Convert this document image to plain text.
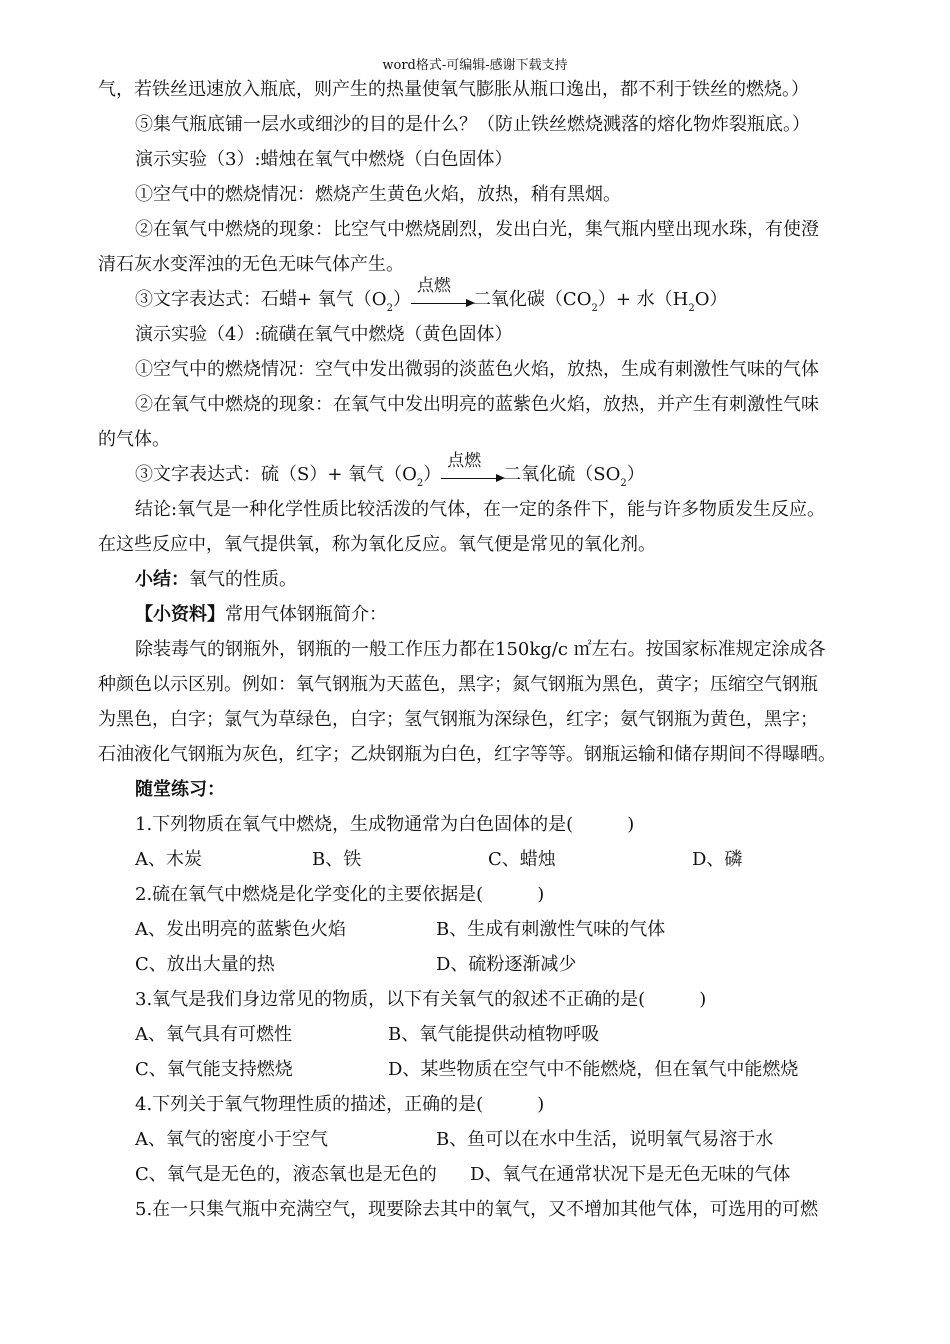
word格式-可编辑-感谢下载支持
气，若铁丝迅速放入瓶底，则产生的热量使氧气膨胀从瓶口逸出，都不利于铁丝的燃烧。）
⑤集气瓶底铺一层水或细沙的目的是什么？（防止铁丝燃烧溅落的熔化物炸裂瓶底。）
演示实验（3）:蜡烛在氧气中燃烧（白色固体）
①空气中的燃烧情况：燃烧产生黄色火焰，放热，稍有黑烟。
②在氧气中燃烧的现象：比空气中燃烧剧烈，发出白光，集气瓶内壁出现水珠，有使澄
清石灰水变浑浊的无色无味气体产生。
③文字表达式：石蜡+ 氧气$(O_2)$
点燃
二氧化碳$(CO_2)+$ 水$(H_2O)$
演示实验（4）:硫磺在氧气中燃烧（黄色固体）
①空气中的燃烧情况：空气中发出微弱的淡蓝色火焰，放热，生成有刺激性气味的气体
②在氧气中燃烧的现象：在氧气中发出明亮的蓝紫色火焰，放热，并产生有刺激性气味
的气体。
③文字表达式：硫（S）+ 氧气$(O_2)$
点燃
二氧化硫$(SO_2)$
结论:氧气是一种化学性质比较活泼的气体，在一定的条件下，能与许多物质发生反应。
在这些反应中，氧气提供氧，称为氧化反应。氧气便是常见的氧化剂。
小结：氧气的性质。
【小资料】常用气体钢瓶简介：
除装毒气的钢瓶外，钢瓶的一般工作压力都在150kg/c ㎡左右。按国家标准规定涂成各
种颜色以示区别。例如：氧气钢瓶为天蓝色，黑字；氮气钢瓶为黑色，黄字；压缩空气钢瓶
为黑色，白字；氯气为草绿色，白字；氢气钢瓶为深绿色，红字；氨气钢瓶为黄色，黑字；
石油液化气钢瓶为灰色，红字；乙炔钢瓶为白色，红字等等。钢瓶运输和储存期间不得曝晒。
随堂练习：
1.下列物质在氧气中燃烧，生成物通常为白色固体的是(　　　)
A、木炭	B、铁	C、蜡烛	D、磷
2.硫在氧气中燃烧是化学变化的主要依据是(　　　)
A、发出明亮的蓝紫色火焰	B、生成有刺激性气味的气体
C、放出大量的热	D、硫粉逐渐减少
3.氧气是我们身边常见的物质，以下有关氧气的叙述不正确的是(　　　)
A、氧气具有可燃性	B、氧气能提供动植物呼吸
C、氧气能支持燃烧	D、某些物质在空气中不能燃烧，但在氧气中能燃烧
4.下列关于氧气物理性质的描述，正确的是(　　　)
A、氧气的密度小于空气	B、鱼可以在水中生活，说明氧气易溶于水
C、氧气是无色的，液态氧也是无色的 D、氧气在通常状况下是无色无味的气体
5.在一只集气瓶中充满空气，现要除去其中的氧气，又不增加其他气体，可选用的可燃
